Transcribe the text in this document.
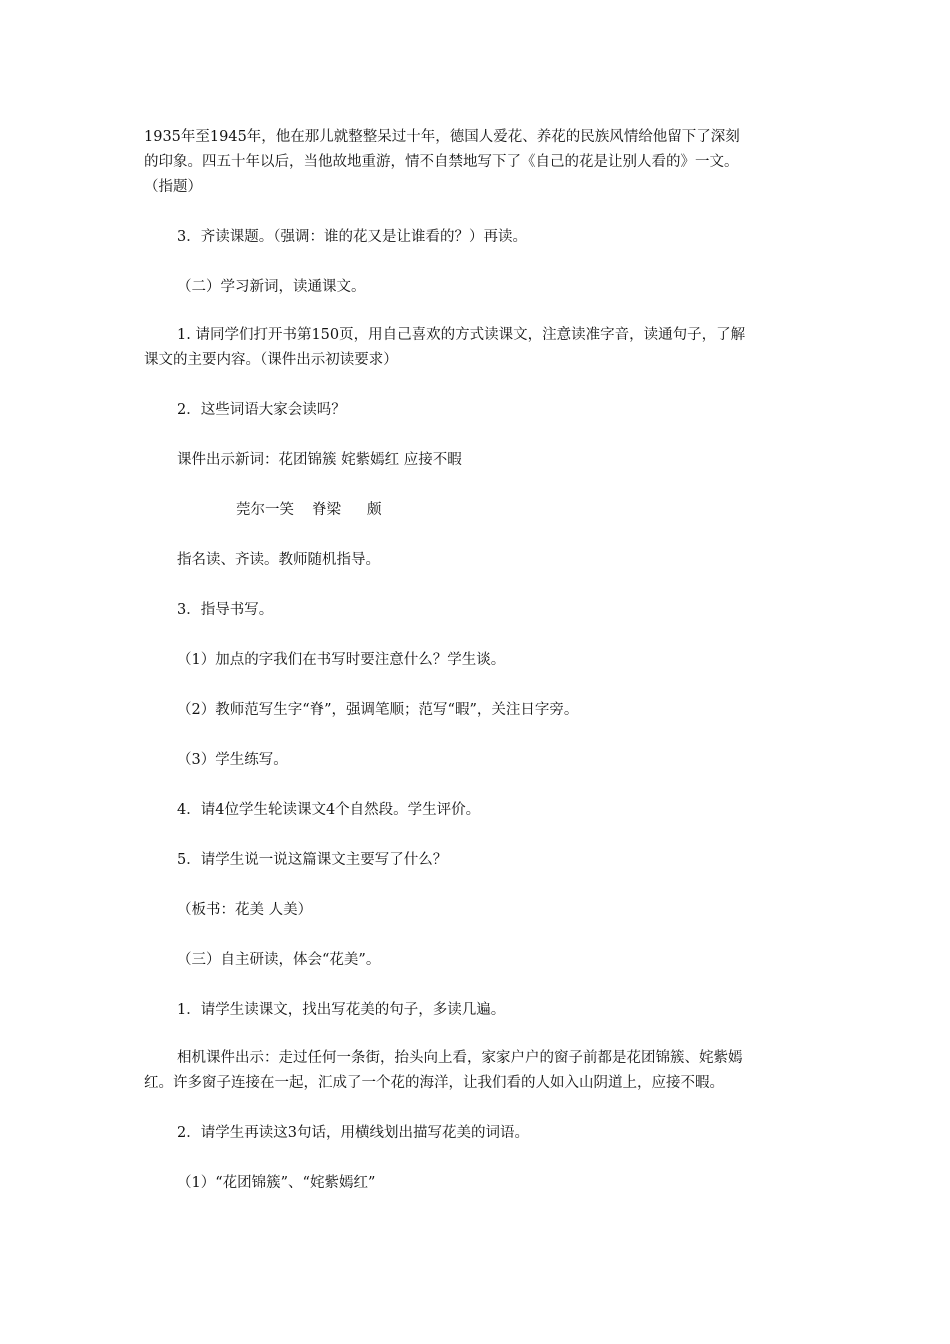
1935年至1945年，他在那儿就整整呆过十年，德国人爱花、养花的民族风情给他留下了深刻
的印象。四五十年以后，当他故地重游，情不自禁地写下了《自己的花是让别人看的》一文。
（指题）
3．齐读课题。（强调：谁的花又是让谁看的？）再读。
（二）学习新词，读通课文。
1. 请同学们打开书第150页，用自己喜欢的方式读课文，注意读准字音，读通句子，了解
课文的主要内容。（课件出示初读要求）
2．这些词语大家会读吗？
课件出示新词：花团锦簇 姹紫嫣红 应接不暇
莞尔一笑 脊梁 颇
指名读、齐读。教师随机指导。
3．指导书写。
（1）加点的字我们在书写时要注意什么？学生谈。
（2）教师范写生字“脊”，强调笔顺；范写“暇”，关注日字旁。
（3）学生练写。
4．请4位学生轮读课文4个自然段。学生评价。
5．请学生说一说这篇课文主要写了什么？
（板书：花美 人美）
（三）自主研读，体会“花美”。
1．请学生读课文，找出写花美的句子，多读几遍。
相机课件出示：走过任何一条街，抬头向上看，家家户户的窗子前都是花团锦簇、姹紫嫣
红。许多窗子连接在一起，汇成了一个花的海洋，让我们看的人如入山阴道上，应接不暇。
2．请学生再读这3句话，用横线划出描写花美的词语。
（1）“花团锦簇”、“姹紫嫣红”
